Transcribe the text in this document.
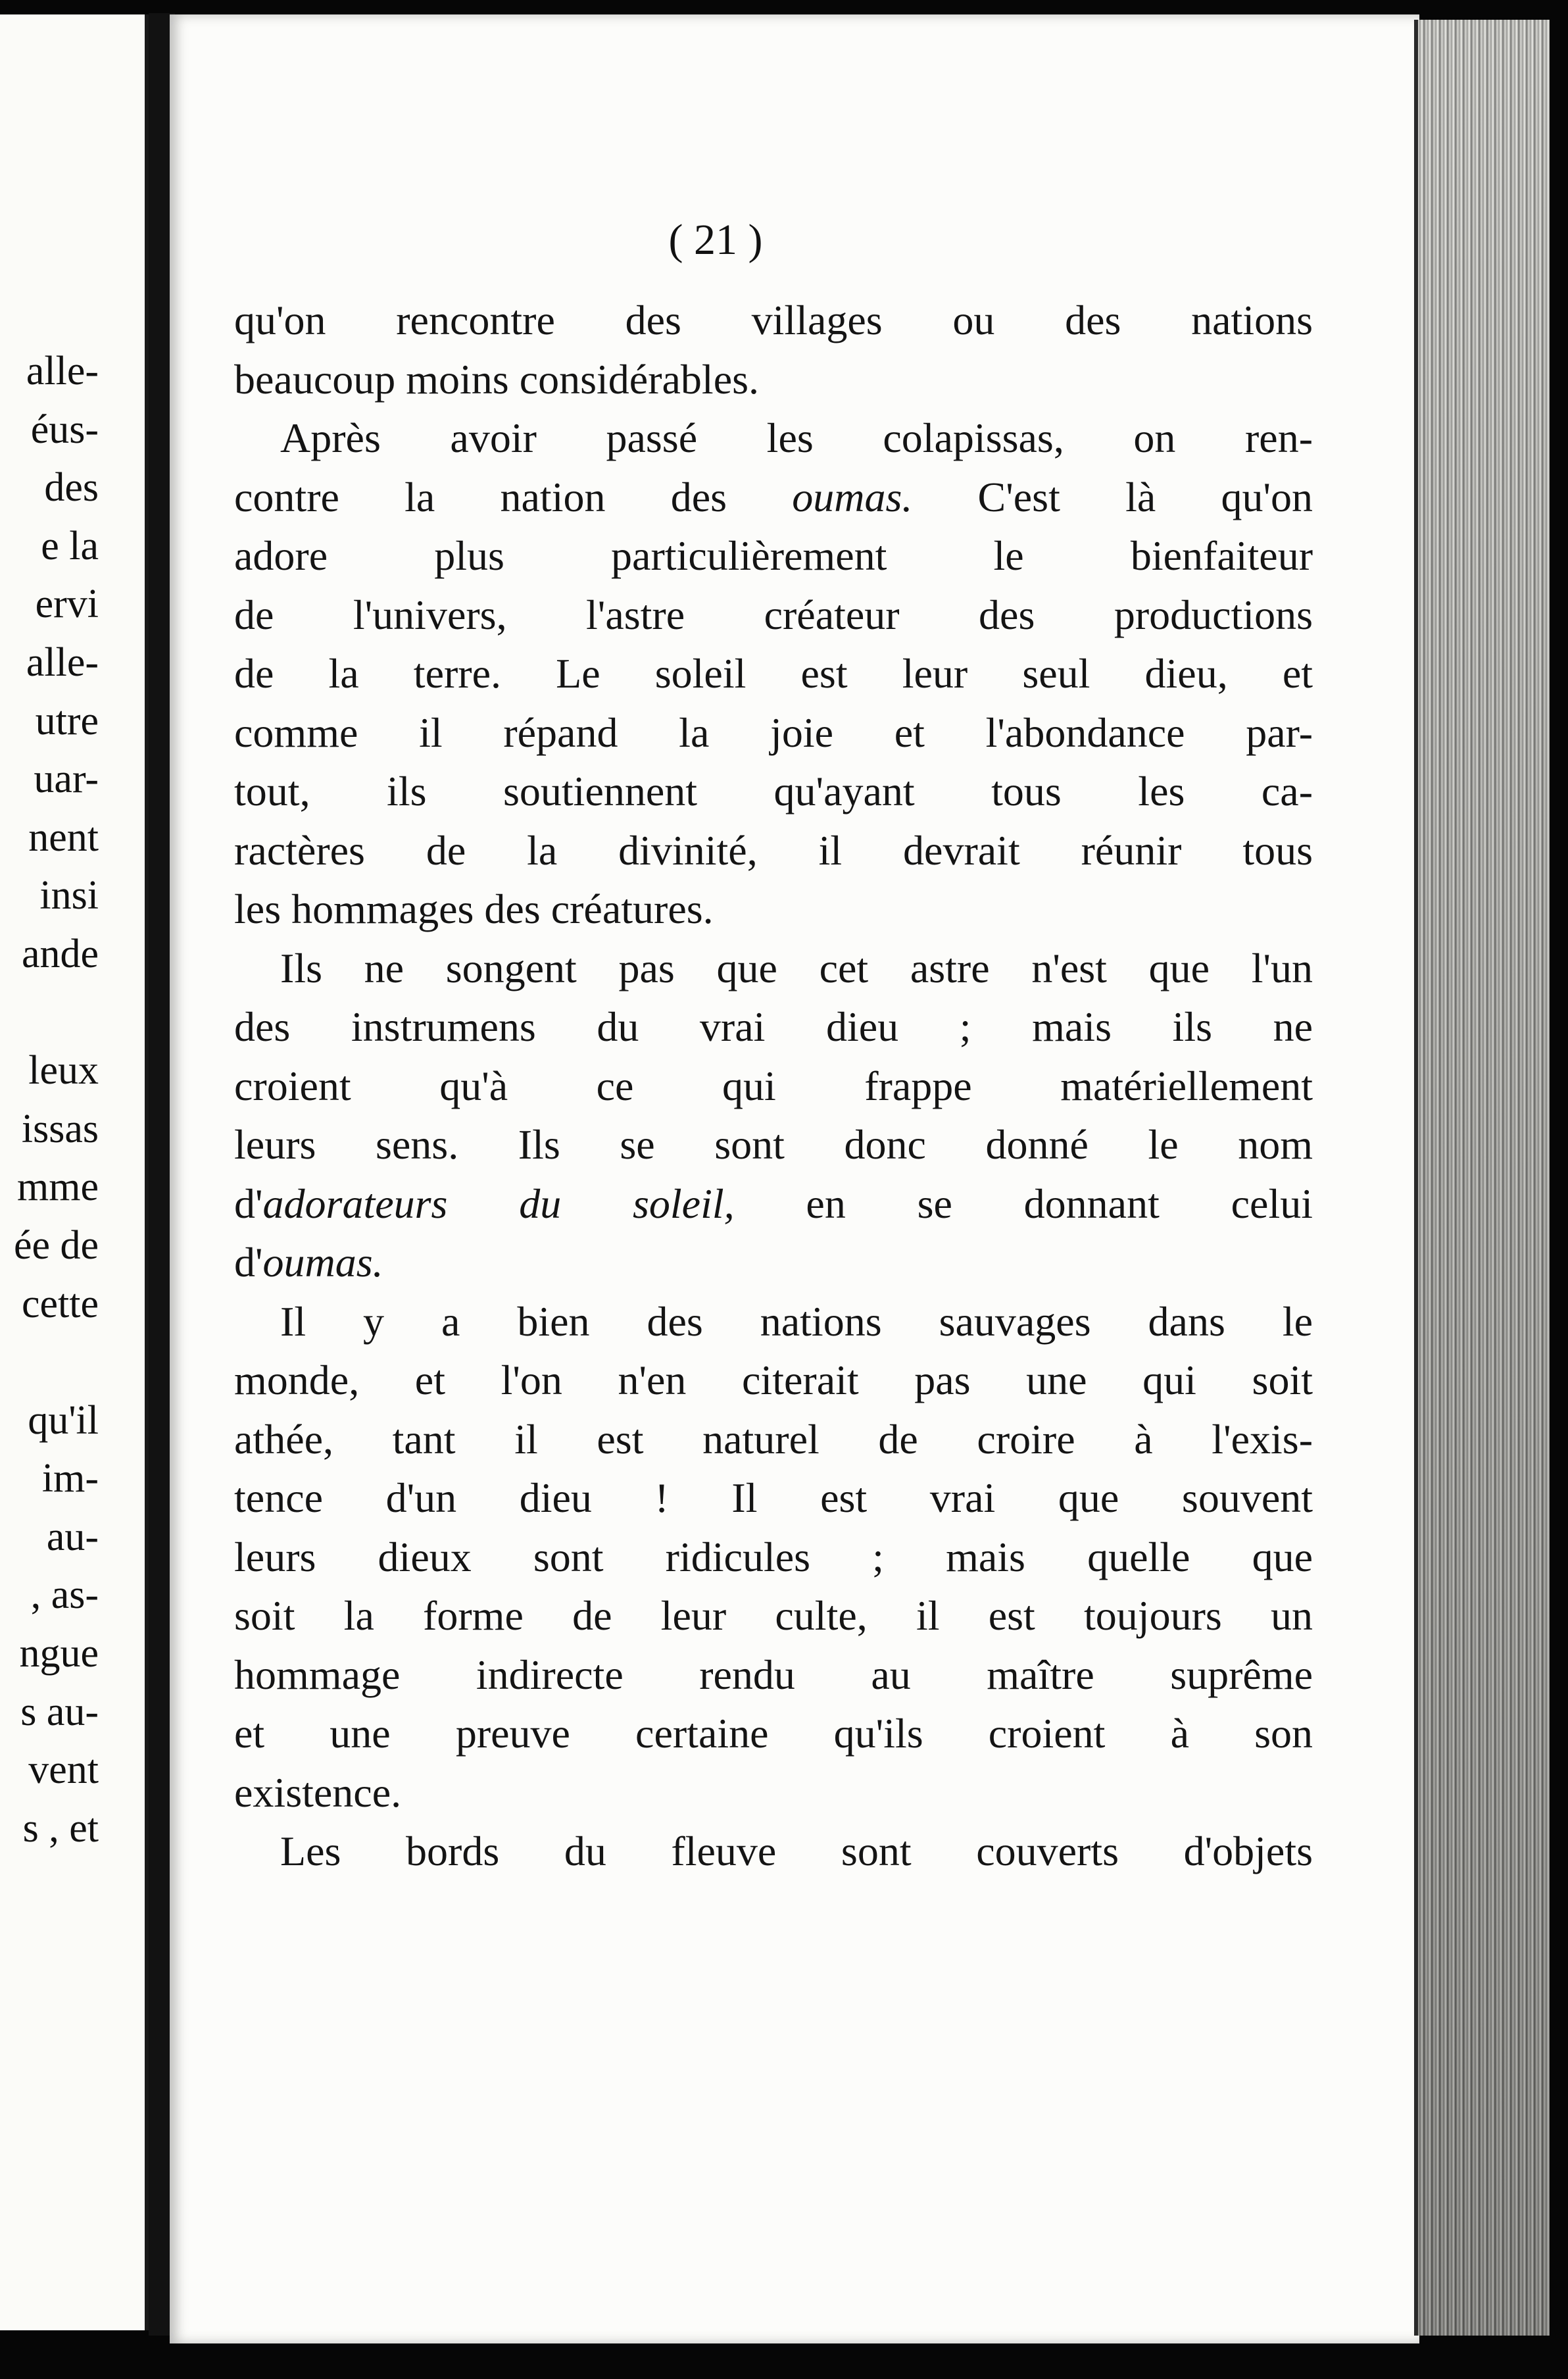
alle-
éus-
des
e la
ervi
alle-
utre
uar-
nent
insi
ande
leux
issas
mme
ée de
cette
qu'il
im-
au-
, as-
ngue
s au-
vent
s , et
( 21 )
qu'on rencontre des villages ou des nations
beaucoup moins considérables.
Après avoir passé les colapissas, on ren-
contre la nation des oumas. C'est là qu'on
adore plus particulièrement le bienfaiteur
de l'univers, l'astre créateur des productions
de la terre. Le soleil est leur seul dieu, et
comme il répand la joie et l'abondance par-
tout, ils soutiennent qu'ayant tous les ca-
ractères de la divinité, il devrait réunir tous
les hommages des créatures.
Ils ne songent pas que cet astre n'est que l'un
des instrumens du vrai dieu ; mais ils ne
croient qu'à ce qui frappe matériellement
leurs sens. Ils se sont donc donné le nom
d'adorateurs du soleil, en se donnant celui
d'oumas.
Il y a bien des nations sauvages dans le
monde, et l'on n'en citerait pas une qui soit
athée, tant il est naturel de croire à l'exis-
tence d'un dieu ! Il est vrai que souvent
leurs dieux sont ridicules ; mais quelle que
soit la forme de leur culte, il est toujours un
hommage indirecte rendu au maître suprême
et une preuve certaine qu'ils croient à son
existence.
Les bords du fleuve sont couverts d'objets
